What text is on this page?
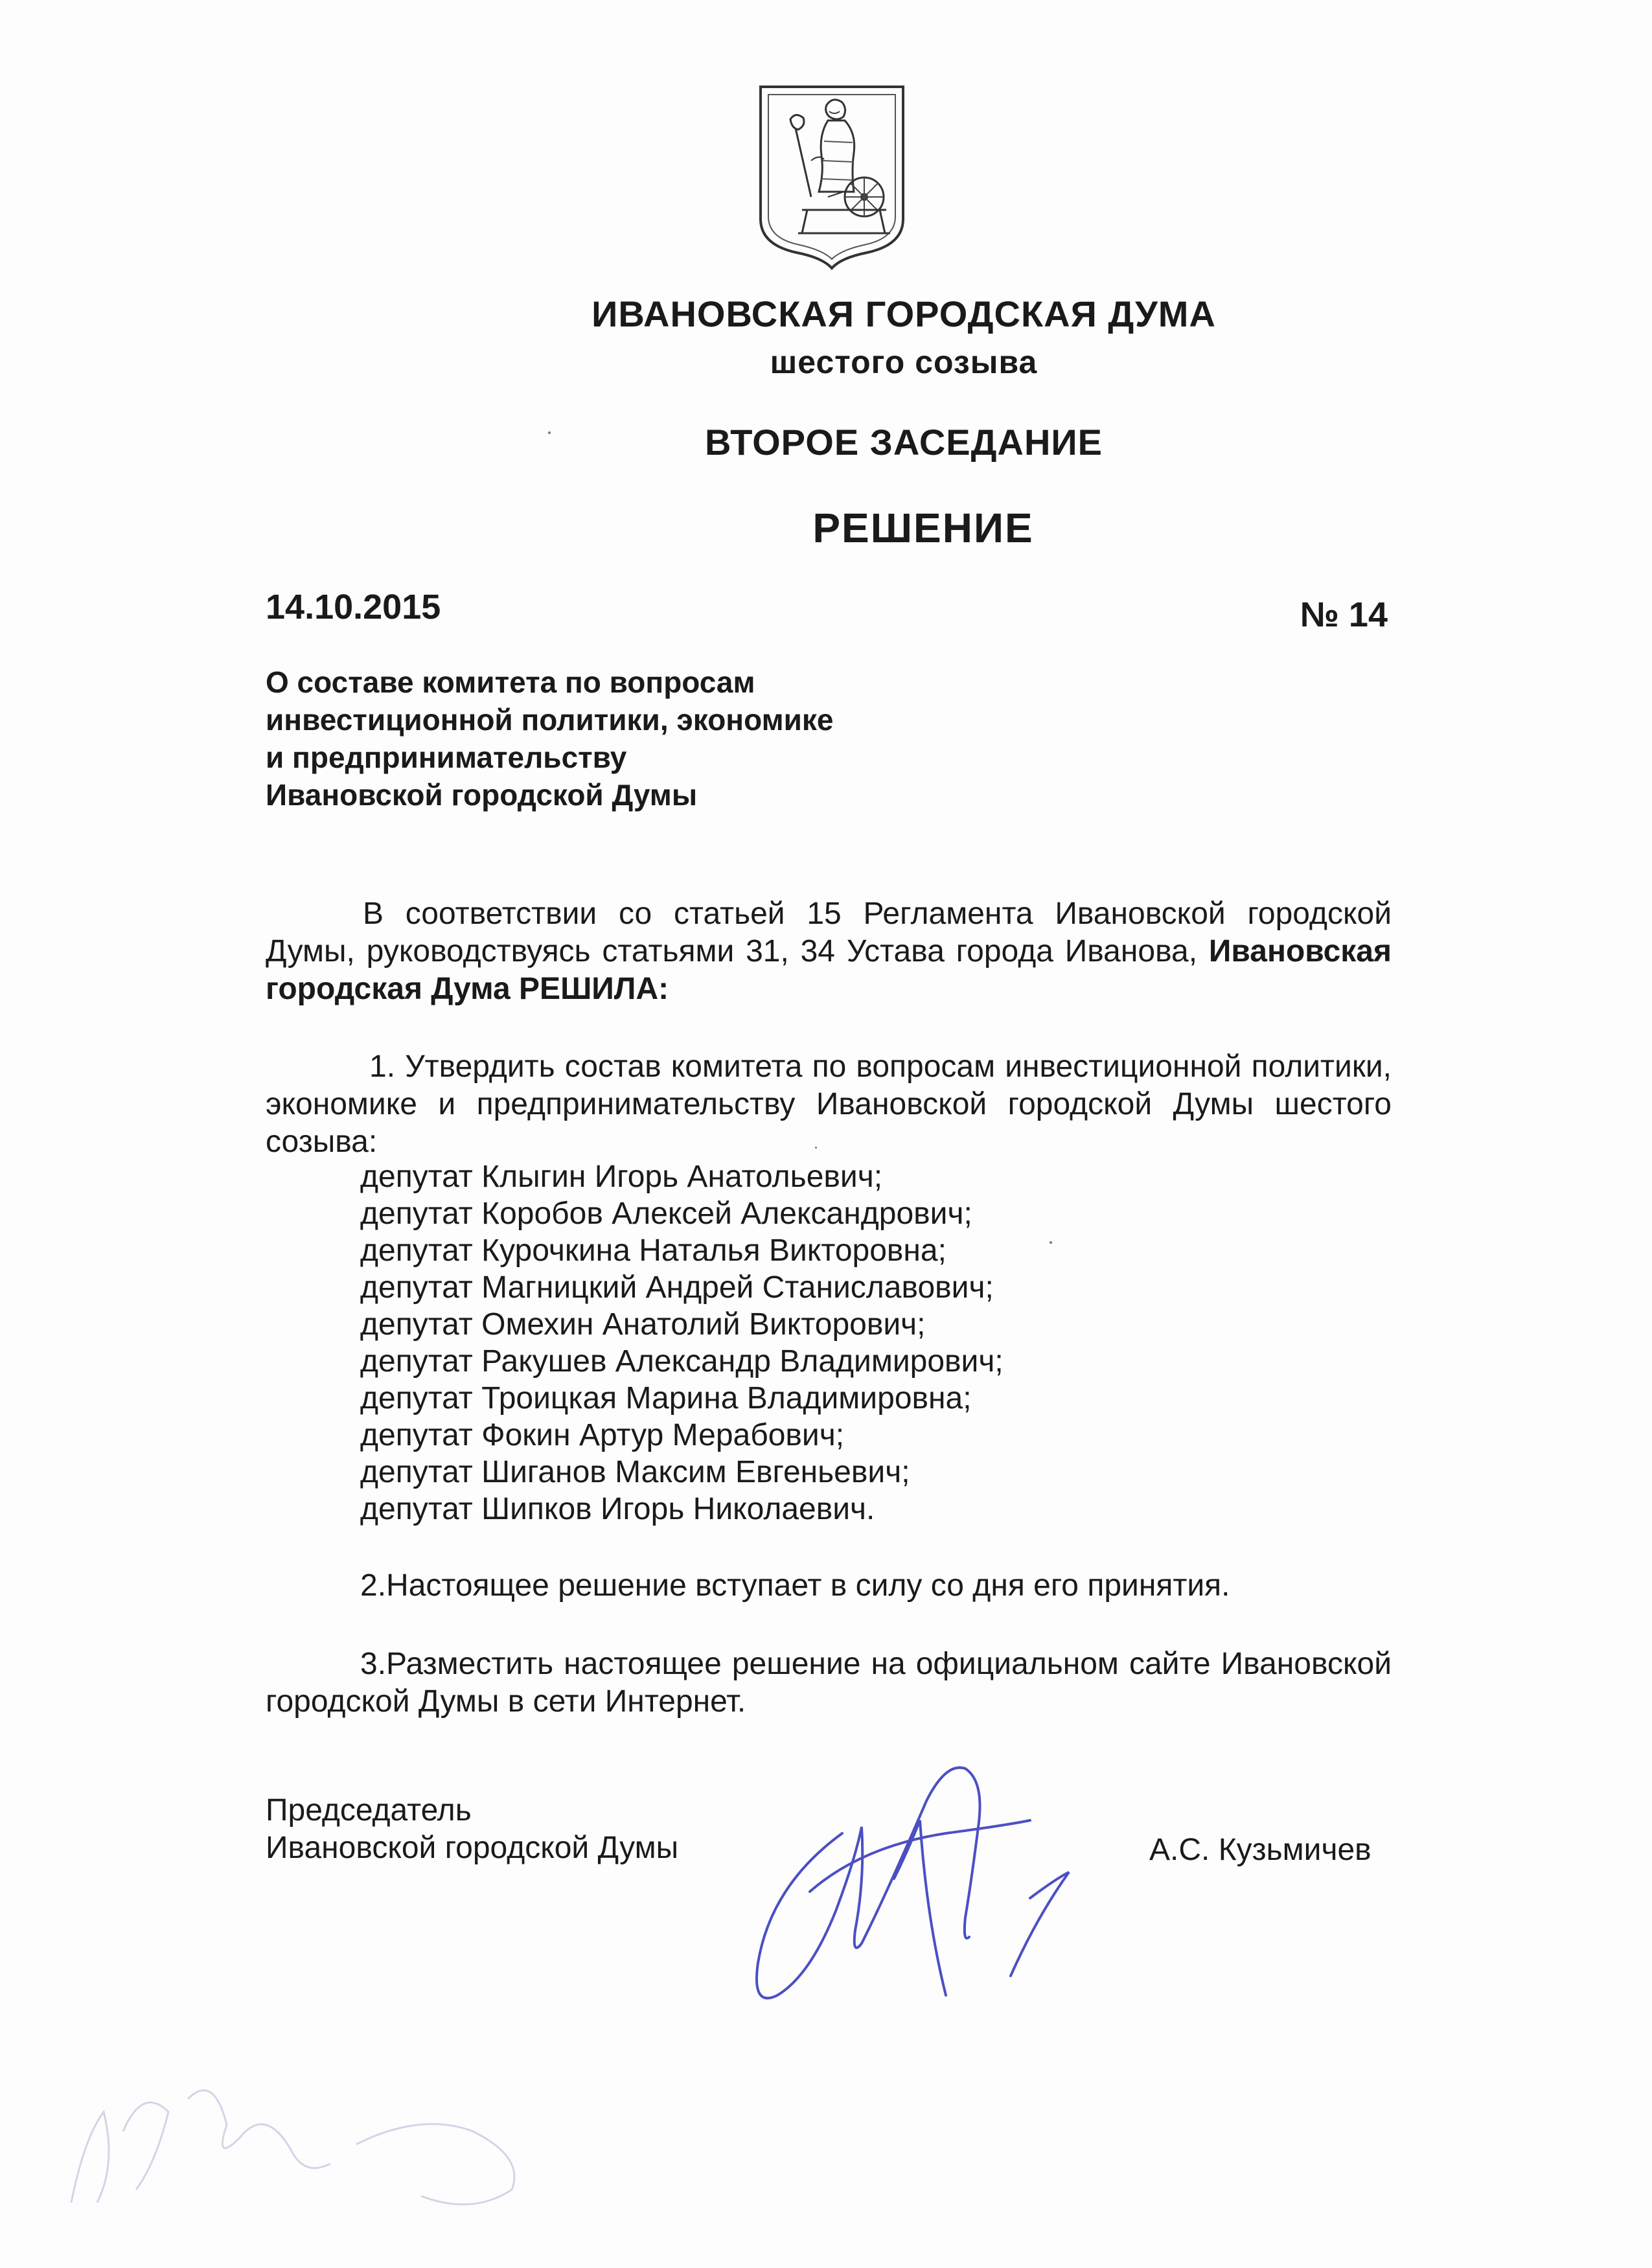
ИВАНОВСКАЯ ГОРОДСКАЯ ДУМА
шестого созыва
ВТОРОЕ ЗАСЕДАНИЕ
РЕШЕНИЕ
14.10.2015	№ 14
О составе комитета по вопросам
инвестиционной политики, экономике
и предпринимательству
Ивановской городской Думы
В соответствии со статьей 15 Регламента Ивановской городской Думы, руководствуясь статьями 31, 34 Устава города Иванова, Ивановская городская Дума РЕШИЛА:
1. Утвердить состав комитета по вопросам инвестиционной политики, экономике и предпринимательству Ивановской городской Думы шестого созыва:
депутат Клыгин Игорь Анатольевич;
депутат Коробов Алексей Александрович;
депутат Курочкина Наталья Викторовна;
депутат Магницкий Андрей Станиславович;
депутат Омехин Анатолий Викторович;
депутат Ракушев Александр Владимирович;
депутат Троицкая Марина Владимировна;
депутат Фокин Артур Мерабович;
депутат Шиганов Максим Евгеньевич;
депутат Шипков Игорь Николаевич.
2.Настоящее решение вступает в силу со дня его принятия.
3.Разместить настоящее решение на официальном сайте Ивановской городской Думы в сети Интернет.
Председатель
Ивановской городской Думы	А.С. Кузьмичев
